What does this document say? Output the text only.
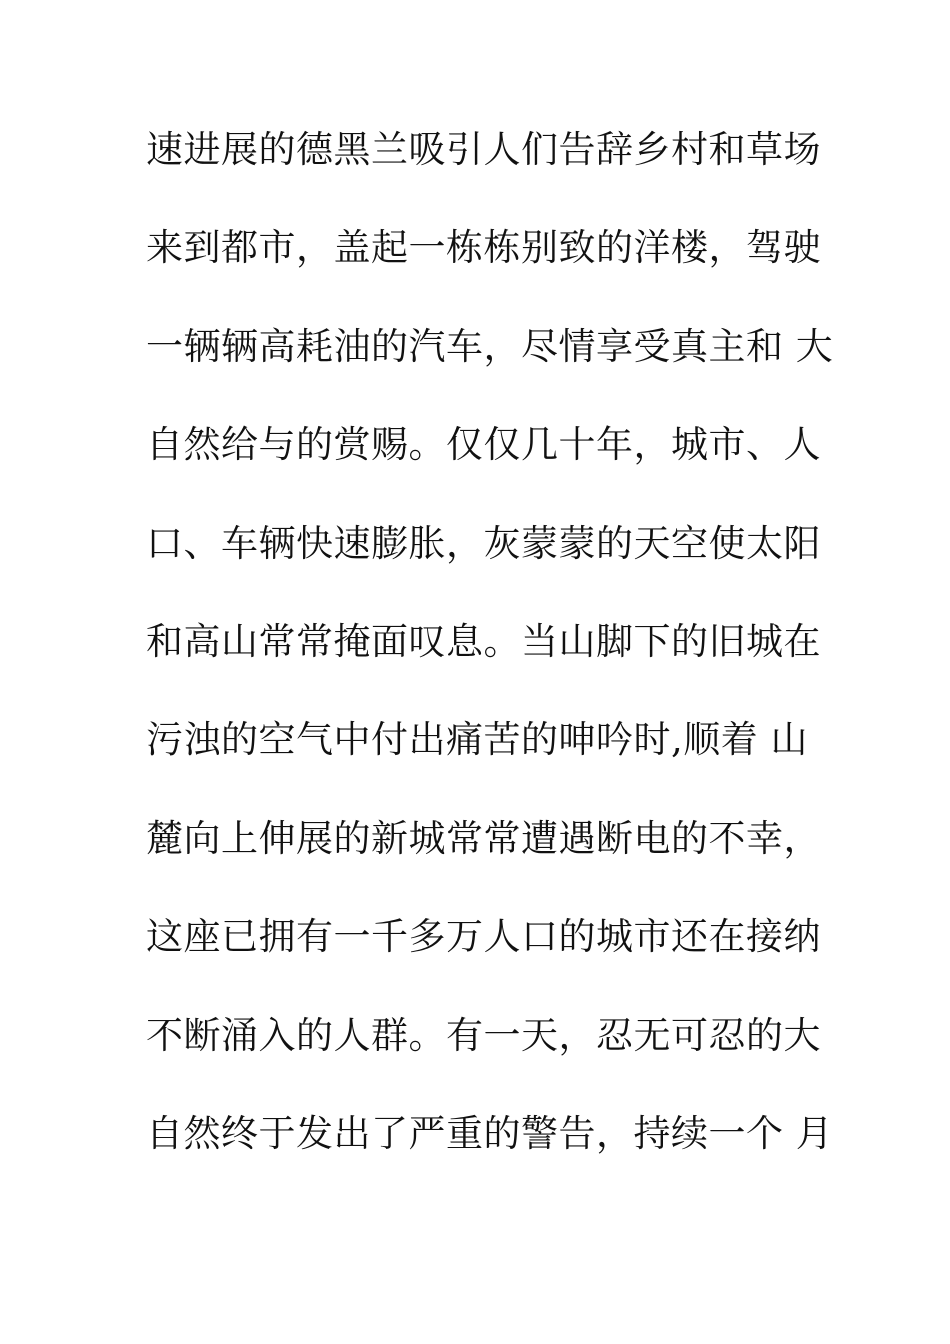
速进展的德黑兰吸引人们告辞乡村和草场
来到都市，盖起一栋栋别致的洋楼，驾驶
一辆辆高耗油的汽车，尽情享受真主和 大
自然给与的赏赐。仅仅几十年，城市、人
口、车辆快速膨胀，灰蒙蒙的天空使太阳
和高山常常掩面叹息。当山脚下的旧城在
污浊的空气中付出痛苦的呻吟时,顺着 山
麓向上伸展的新城常常遭遇断电的不幸，
这座已拥有一千多万人口的城市还在接纳
不断涌入的人群。有一天，忍无可忍的大
自然终于发出了严重的警告，持续一个 月
